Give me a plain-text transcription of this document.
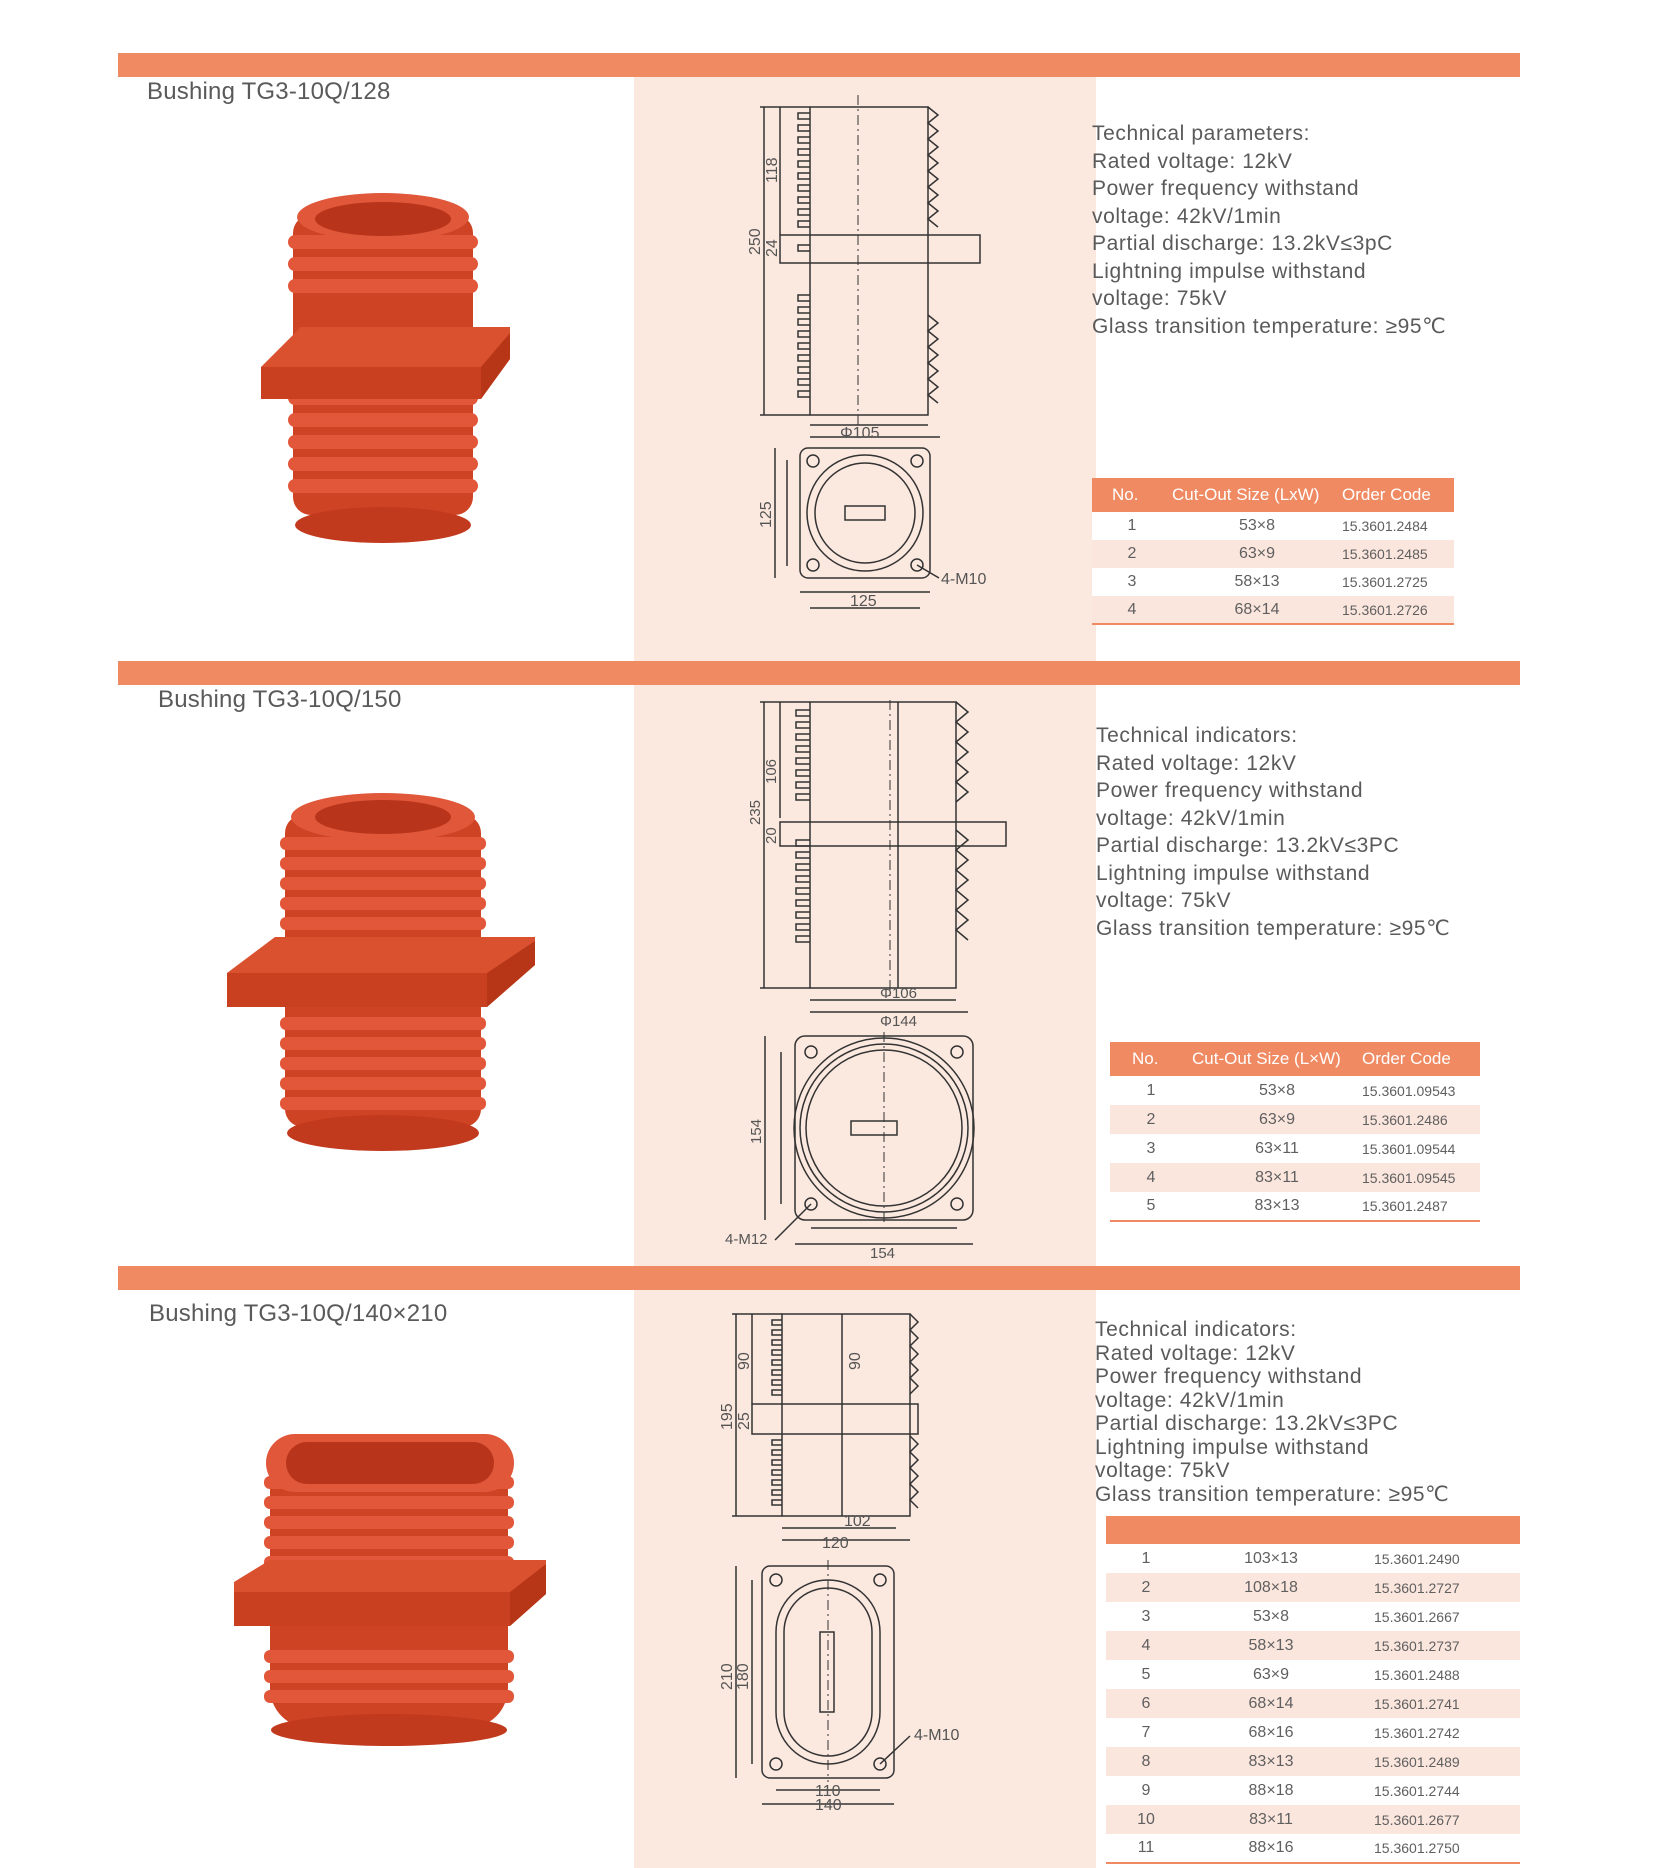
Bushing TG3-10Q/128
250
118
24
Φ105
125
125
4-M10
Technical parameters:
Rated voltage: 12kV
Power frequency withstand
voltage: 42kV/1min
Partial discharge: 13.2kV≤3pC
Lightning impulse withstand
voltage: 75kV
Glass transition temperature: ≥95℃
No.	Cut-Out Size (LxW)	Order Code
1	53×8	15.3601.2484
2	63×9	15.3601.2485
3	58×13	15.3601.2725
4	68×14	15.3601.2726
Bushing TG3-10Q/150
235
106
20
Φ106
Φ144
154
154
4-M12
Technical indicators:
Rated voltage: 12kV
Power frequency withstand
voltage: 42kV/1min
Partial discharge: 13.2kV≤3PC
Lightning impulse withstand
voltage: 75kV
Glass transition temperature: ≥95℃
No.	Cut-Out Size (L×W)	Order Code
1	53×8	15.3601.09543
2	63×9	15.3601.2486
3	63×11	15.3601.09544
4	83×11	15.3601.09545
5	83×13	15.3601.2487
Bushing TG3-10Q/140×210
195
90	90
25
102
120
210 180
110
140
4-M10
Technical indicators:
Rated voltage: 12kV
Power frequency withstand
voltage: 42kV/1min
Partial discharge: 13.2kV≤3PC
Lightning impulse withstand
voltage: 75kV
Glass transition temperature: ≥95℃

1	103×13	15.3601.2490
2	108×18	15.3601.2727
3	53×8	15.3601.2667
4	58×13	15.3601.2737
5	63×9	15.3601.2488
6	68×14	15.3601.2741
7	68×16	15.3601.2742
8	83×13	15.3601.2489
9	88×18	15.3601.2744
10	83×11	15.3601.2677
11	88×16	15.3601.2750
